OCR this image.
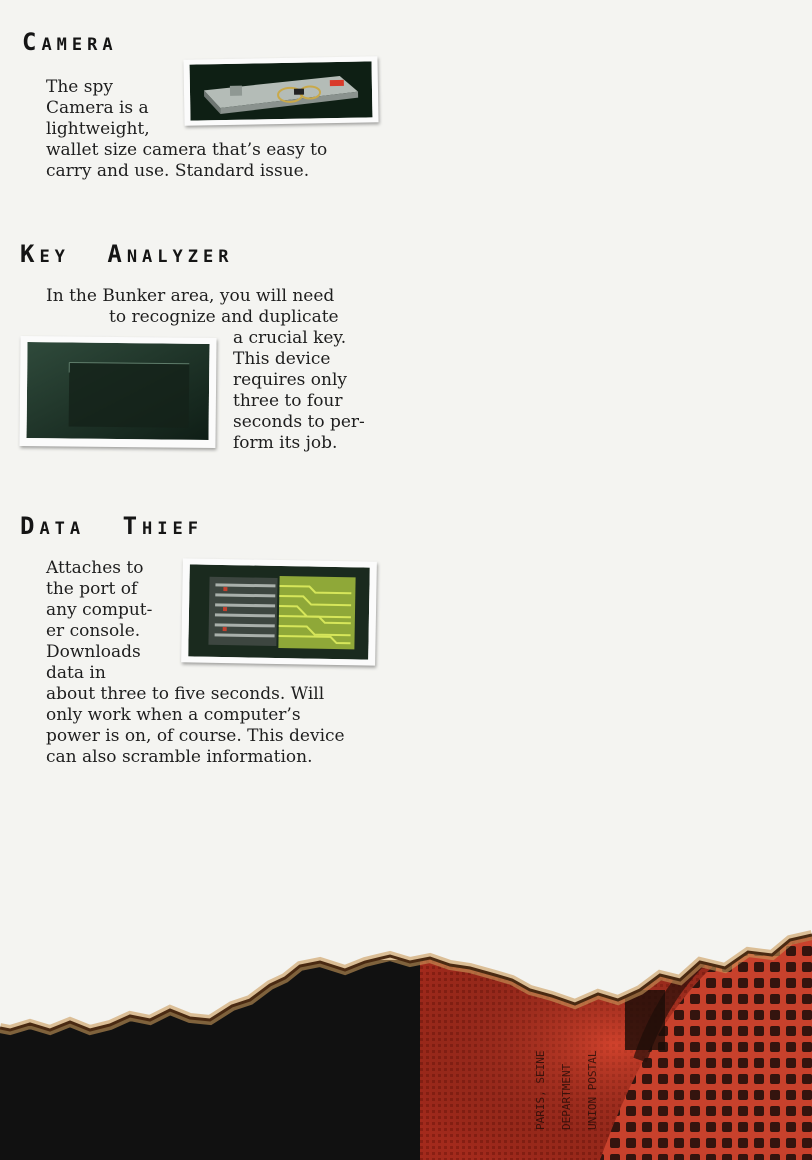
PARIS, SEINE DEPARTMENT UNION POSTAL
Camera
The spy
Camera is a
lightweight,
wallet size camera that’s easy to
carry and use. Standard issue.
Key Analyzer
In the Bunker area, you will need
to recognize and duplicate
a crucial key.
This device
requires only
three to four
seconds to per-
form its job.
Data Thief
Attaches to
the port of
any comput-
er console.
Downloads
data in
about three to five seconds. Will
only work when a computer’s
power is on, of course. This device
can also scramble information.
